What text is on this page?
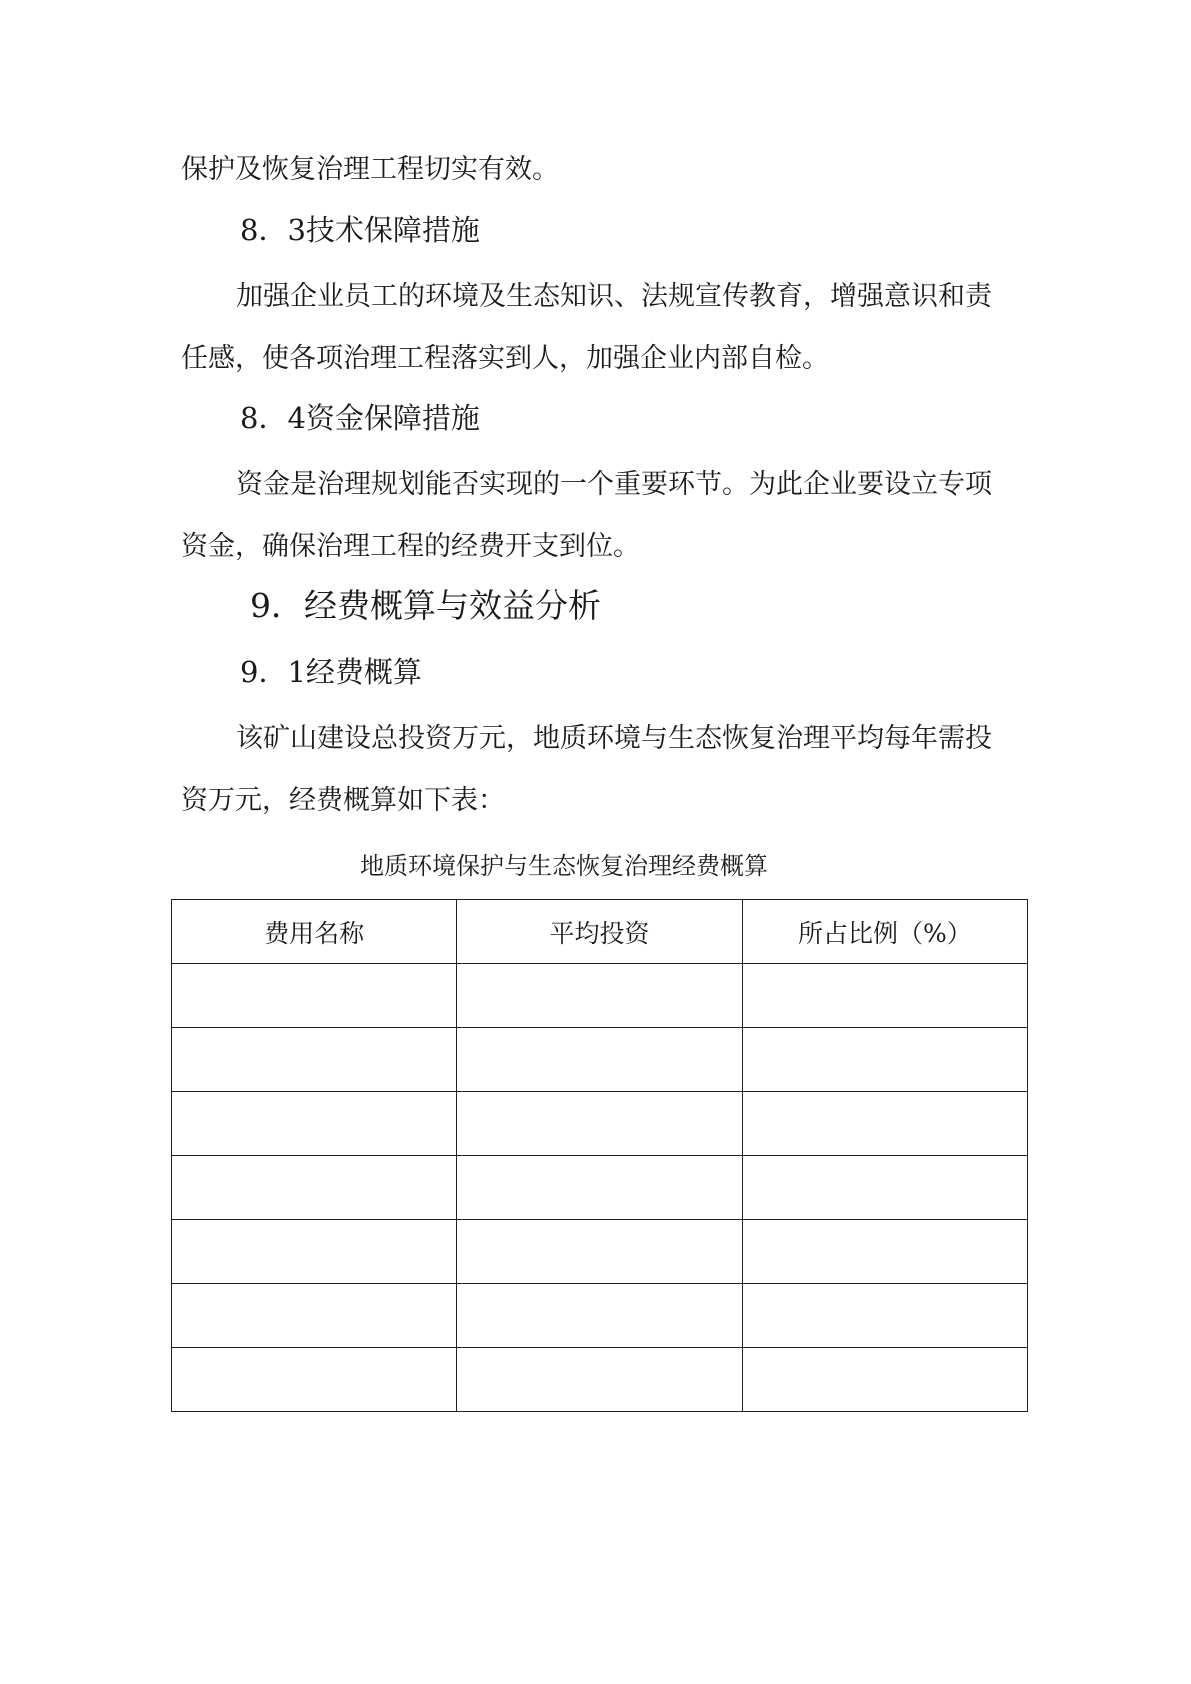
保护及恢复治理工程切实有效。
8．3技术保障措施
加强企业员工的环境及生态知识、法规宣传教育，增强意识和责
任感，使各项治理工程落实到人，加强企业内部自检。
8．4资金保障措施
资金是治理规划能否实现的一个重要环节。为此企业要设立专项
资金，确保治理工程的经费开支到位。
9．经费概算与效益分析
9．1经费概算
该矿山建设总投资万元，地质环境与生态恢复治理平均每年需投
资万元，经费概算如下表：
地质环境保护与生态恢复治理经费概算
费用名称	平均投资	所占比例（%）
